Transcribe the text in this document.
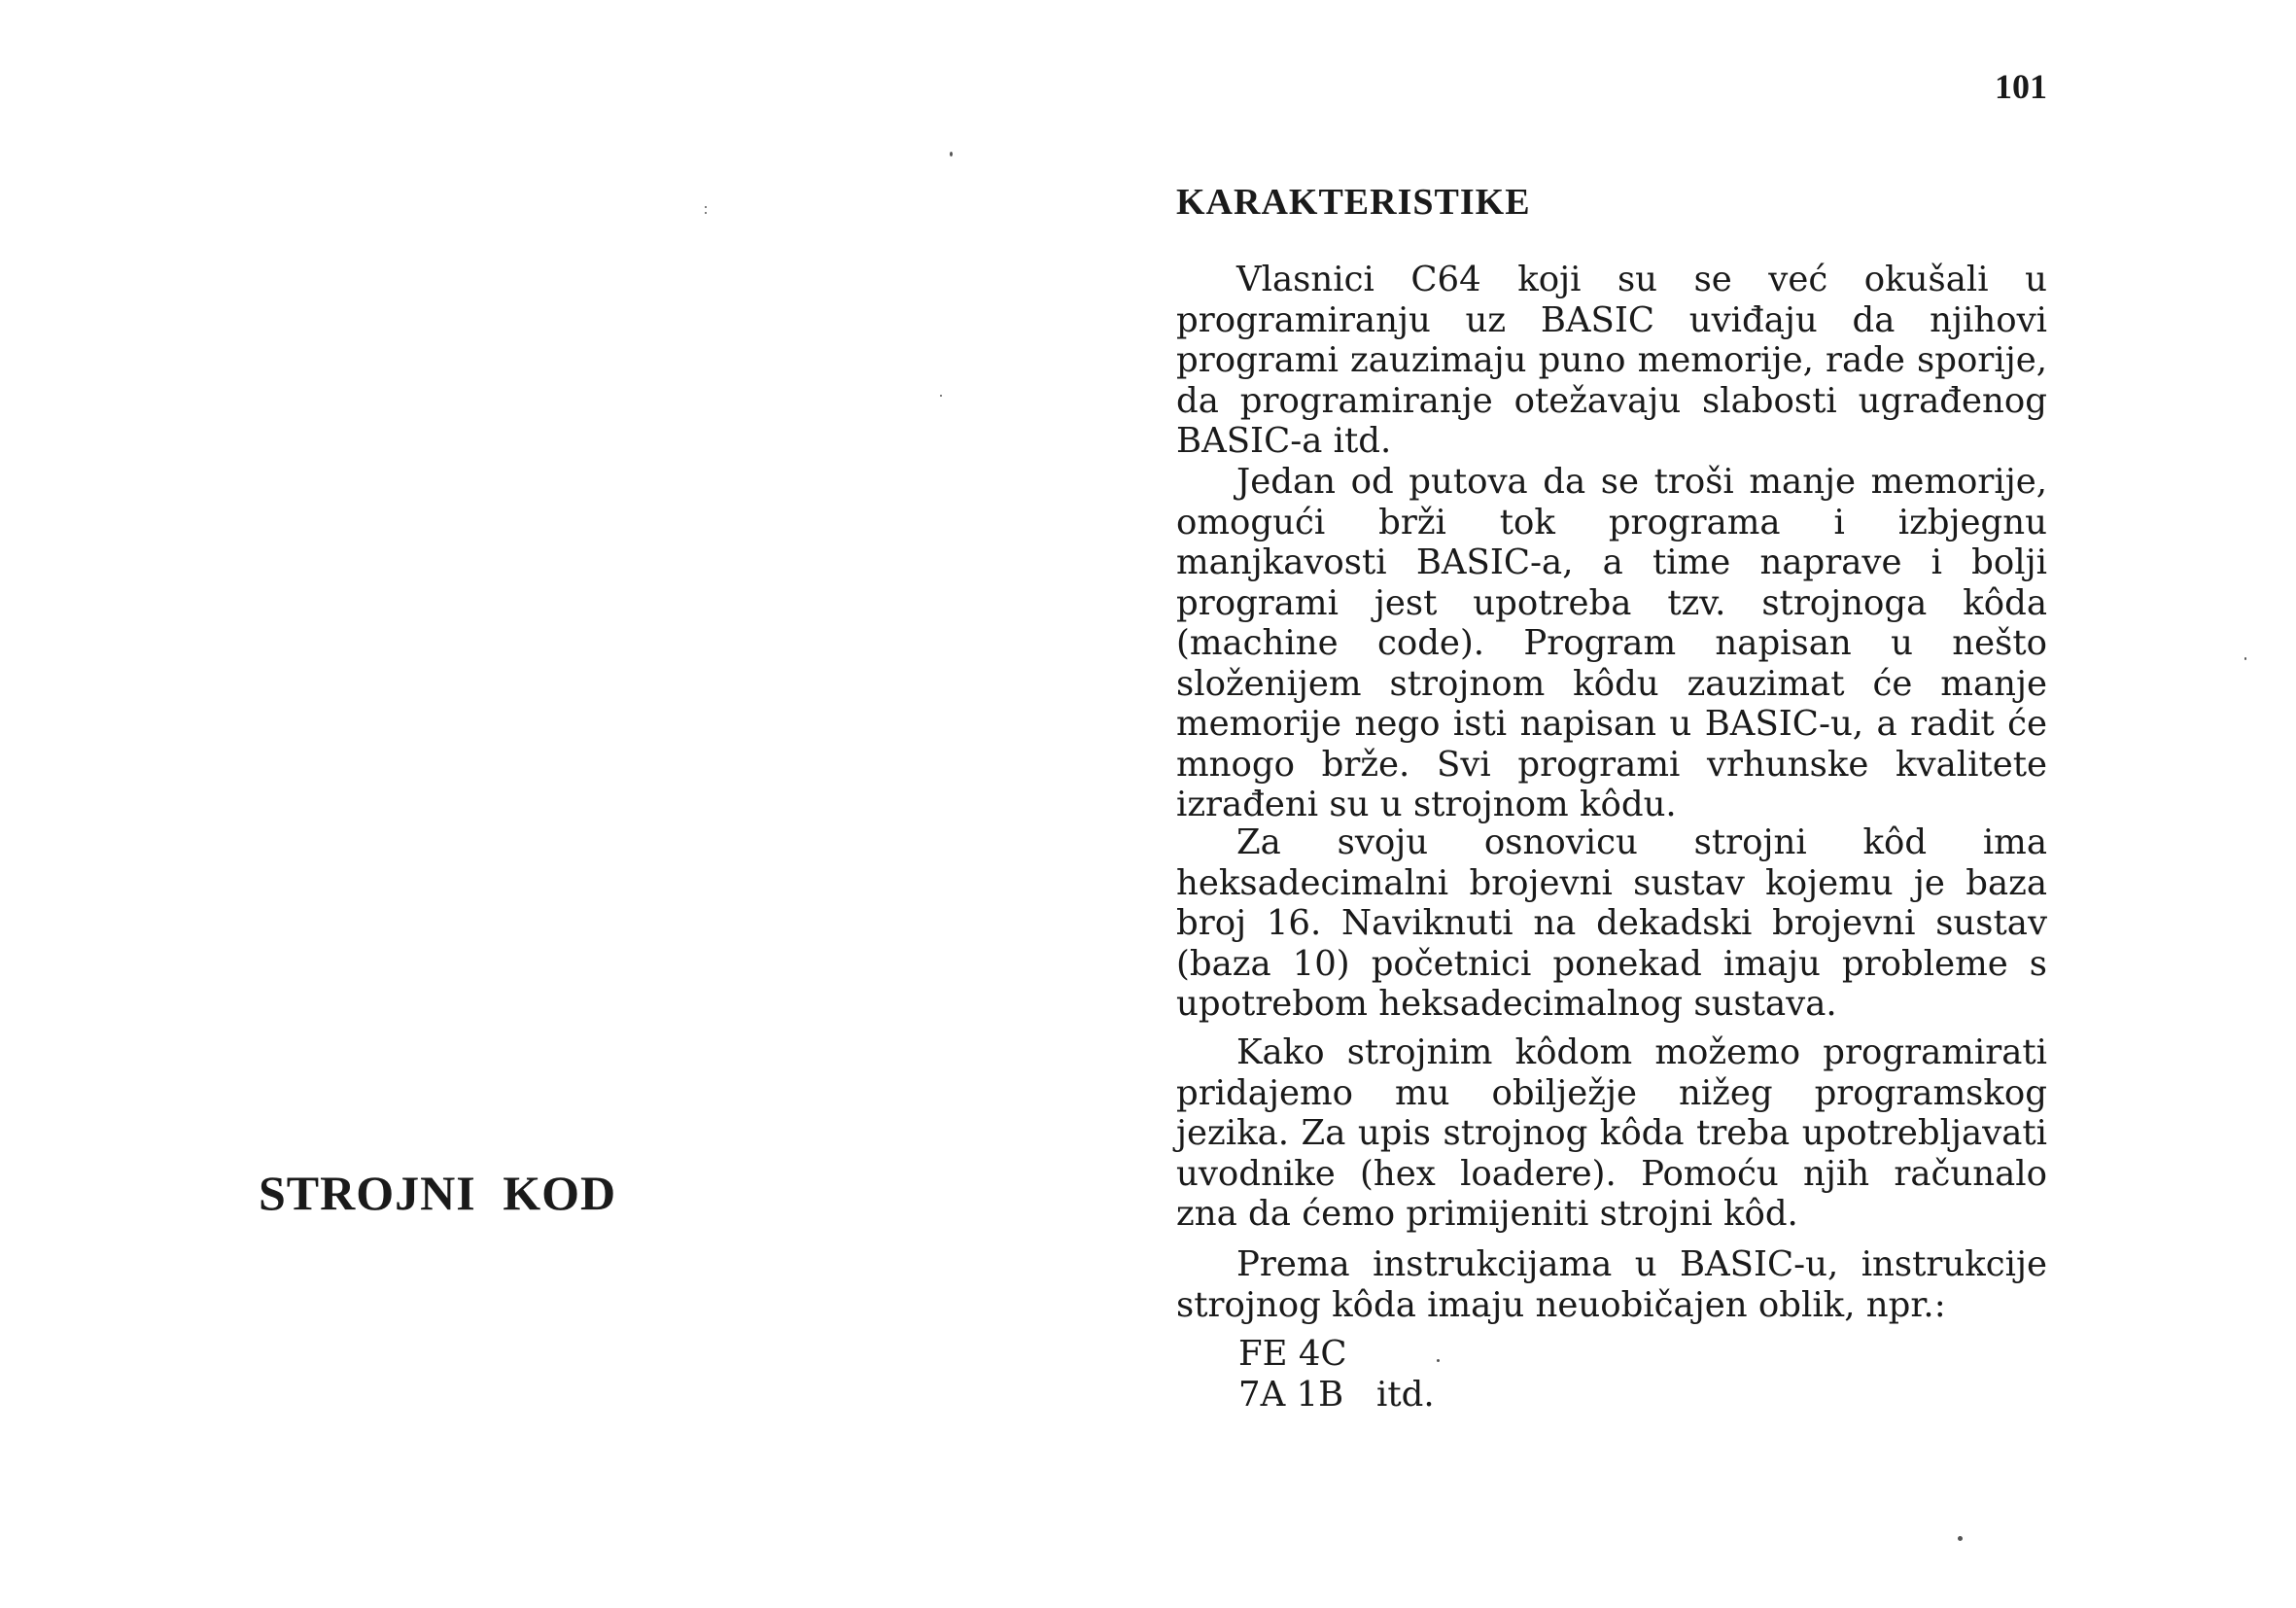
101
STROJNI KOD
KARAKTERISTIKE

Vlasnici C64 koji su se već okušali u programiranju uz BASIC uviđaju da njihovi programi zauzimaju puno memorije, rade sporije, da programiranje otežavaju slabosti ugrađenog BASIC-a itd.

Jedan od putova da se troši manje memorije, omogući brži tok programa i izbjegnu manjkavosti BASIC-a, a time naprave i bolji programi jest upotreba tzv. strojnoga kôda (machine code). Program napisan u nešto složenijem strojnom kôdu zauzimat će manje memorije nego isti napisan u BASIC-u, a radit će mnogo brže. Svi programi vrhunske kvalitete izrađeni su u strojnom kôdu.

Za svoju osnovicu strojni kôd ima heksadecimalni brojevni sustav kojemu je baza broj 16. Naviknuti na dekadski brojevni sustav (baza 10) početnici ponekad imaju probleme s upotrebom heksadecimalnog sustava.

Kako strojnim kôdom možemo programirati pridajemo mu obilježje nižeg programskog jezika. Za upis strojnog kôda treba upotrebljavati uvodnike (hex loadere). Pomoću njih računalo zna da ćemo primijeniti strojni kôd.

Prema instrukcijama u BASIC-u, instrukcije strojnog kôda imaju neuobičajen oblik, npr.:

FE 4C
7A 1B   itd.
